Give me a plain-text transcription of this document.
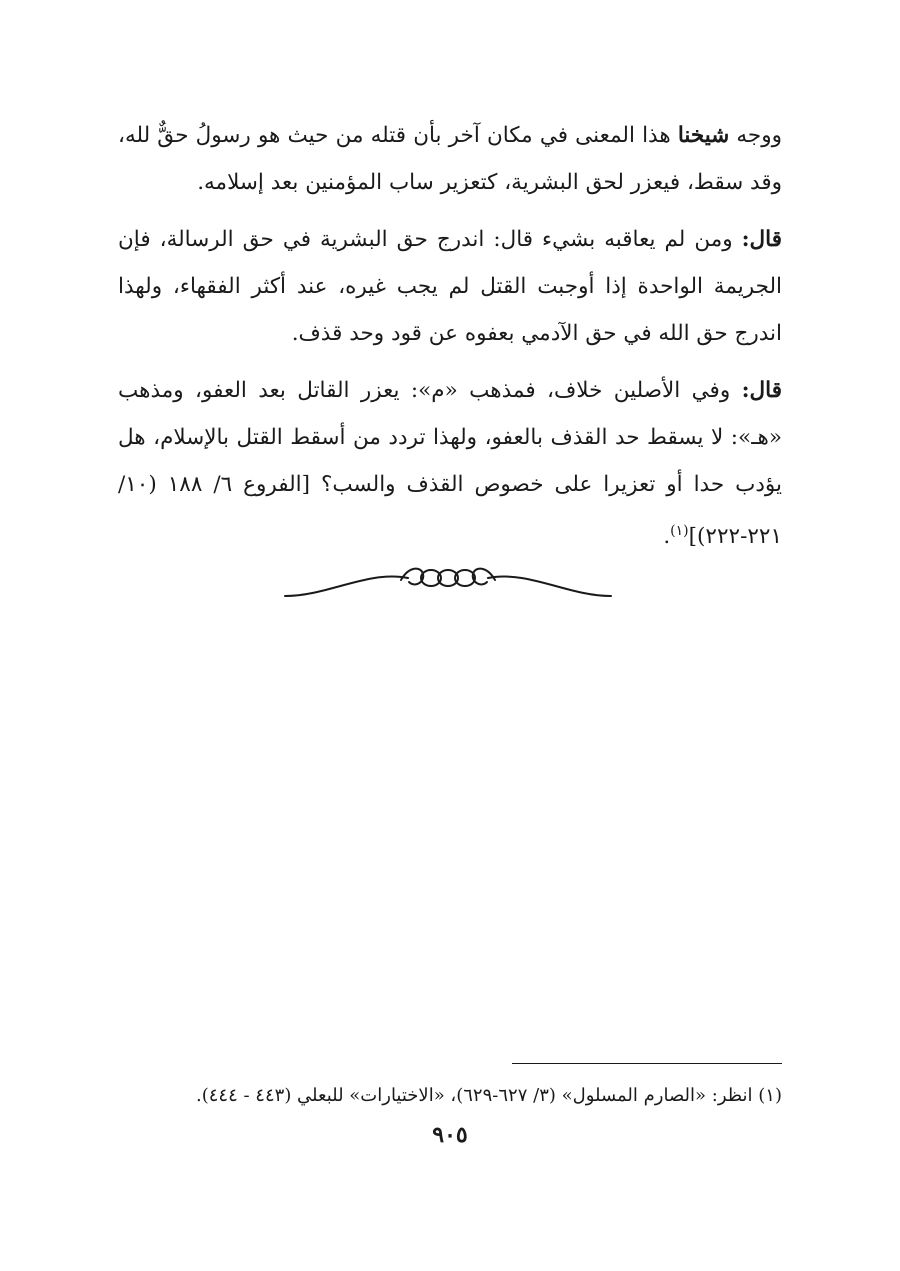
ووجه شيخنا هذا المعنى في مكان آخر بأن قتله من حيث هو رسولُ حقٌّ لله، وقد سقط، فيعزر لحق البشرية، كتعزير ساب المؤمنين بعد إسلامه.

قال: ومن لم يعاقبه بشيء قال: اندرج حق البشرية في حق الرسالة، فإن الجريمة الواحدة إذا أوجبت القتل لم يجب غيره، عند أكثر الفقهاء، ولهذا اندرج حق الله في حق الآدمي بعفوه عن قود وحد قذف.

قال: وفي الأصلين خلاف، فمذهب «م»: يعزر القاتل بعد العفو، ومذهب «هـ»: لا يسقط حد القذف بالعفو، ولهذا تردد من أسقط القتل بالإسلام، هل يؤدب حدا أو تعزيرا على خصوص القذف والسب؟ [الفروع ٦/ ١٨٨ (١٠/ ٢٢١-٢٢٢)]$^{(١)}$.

(١) انظر: «الصارم المسلول» (٣/ ٦٢٧-٦٢٩)، «الاختيارات» للبعلي (٤٤٣ - ٤٤٤).
٩٠٥
